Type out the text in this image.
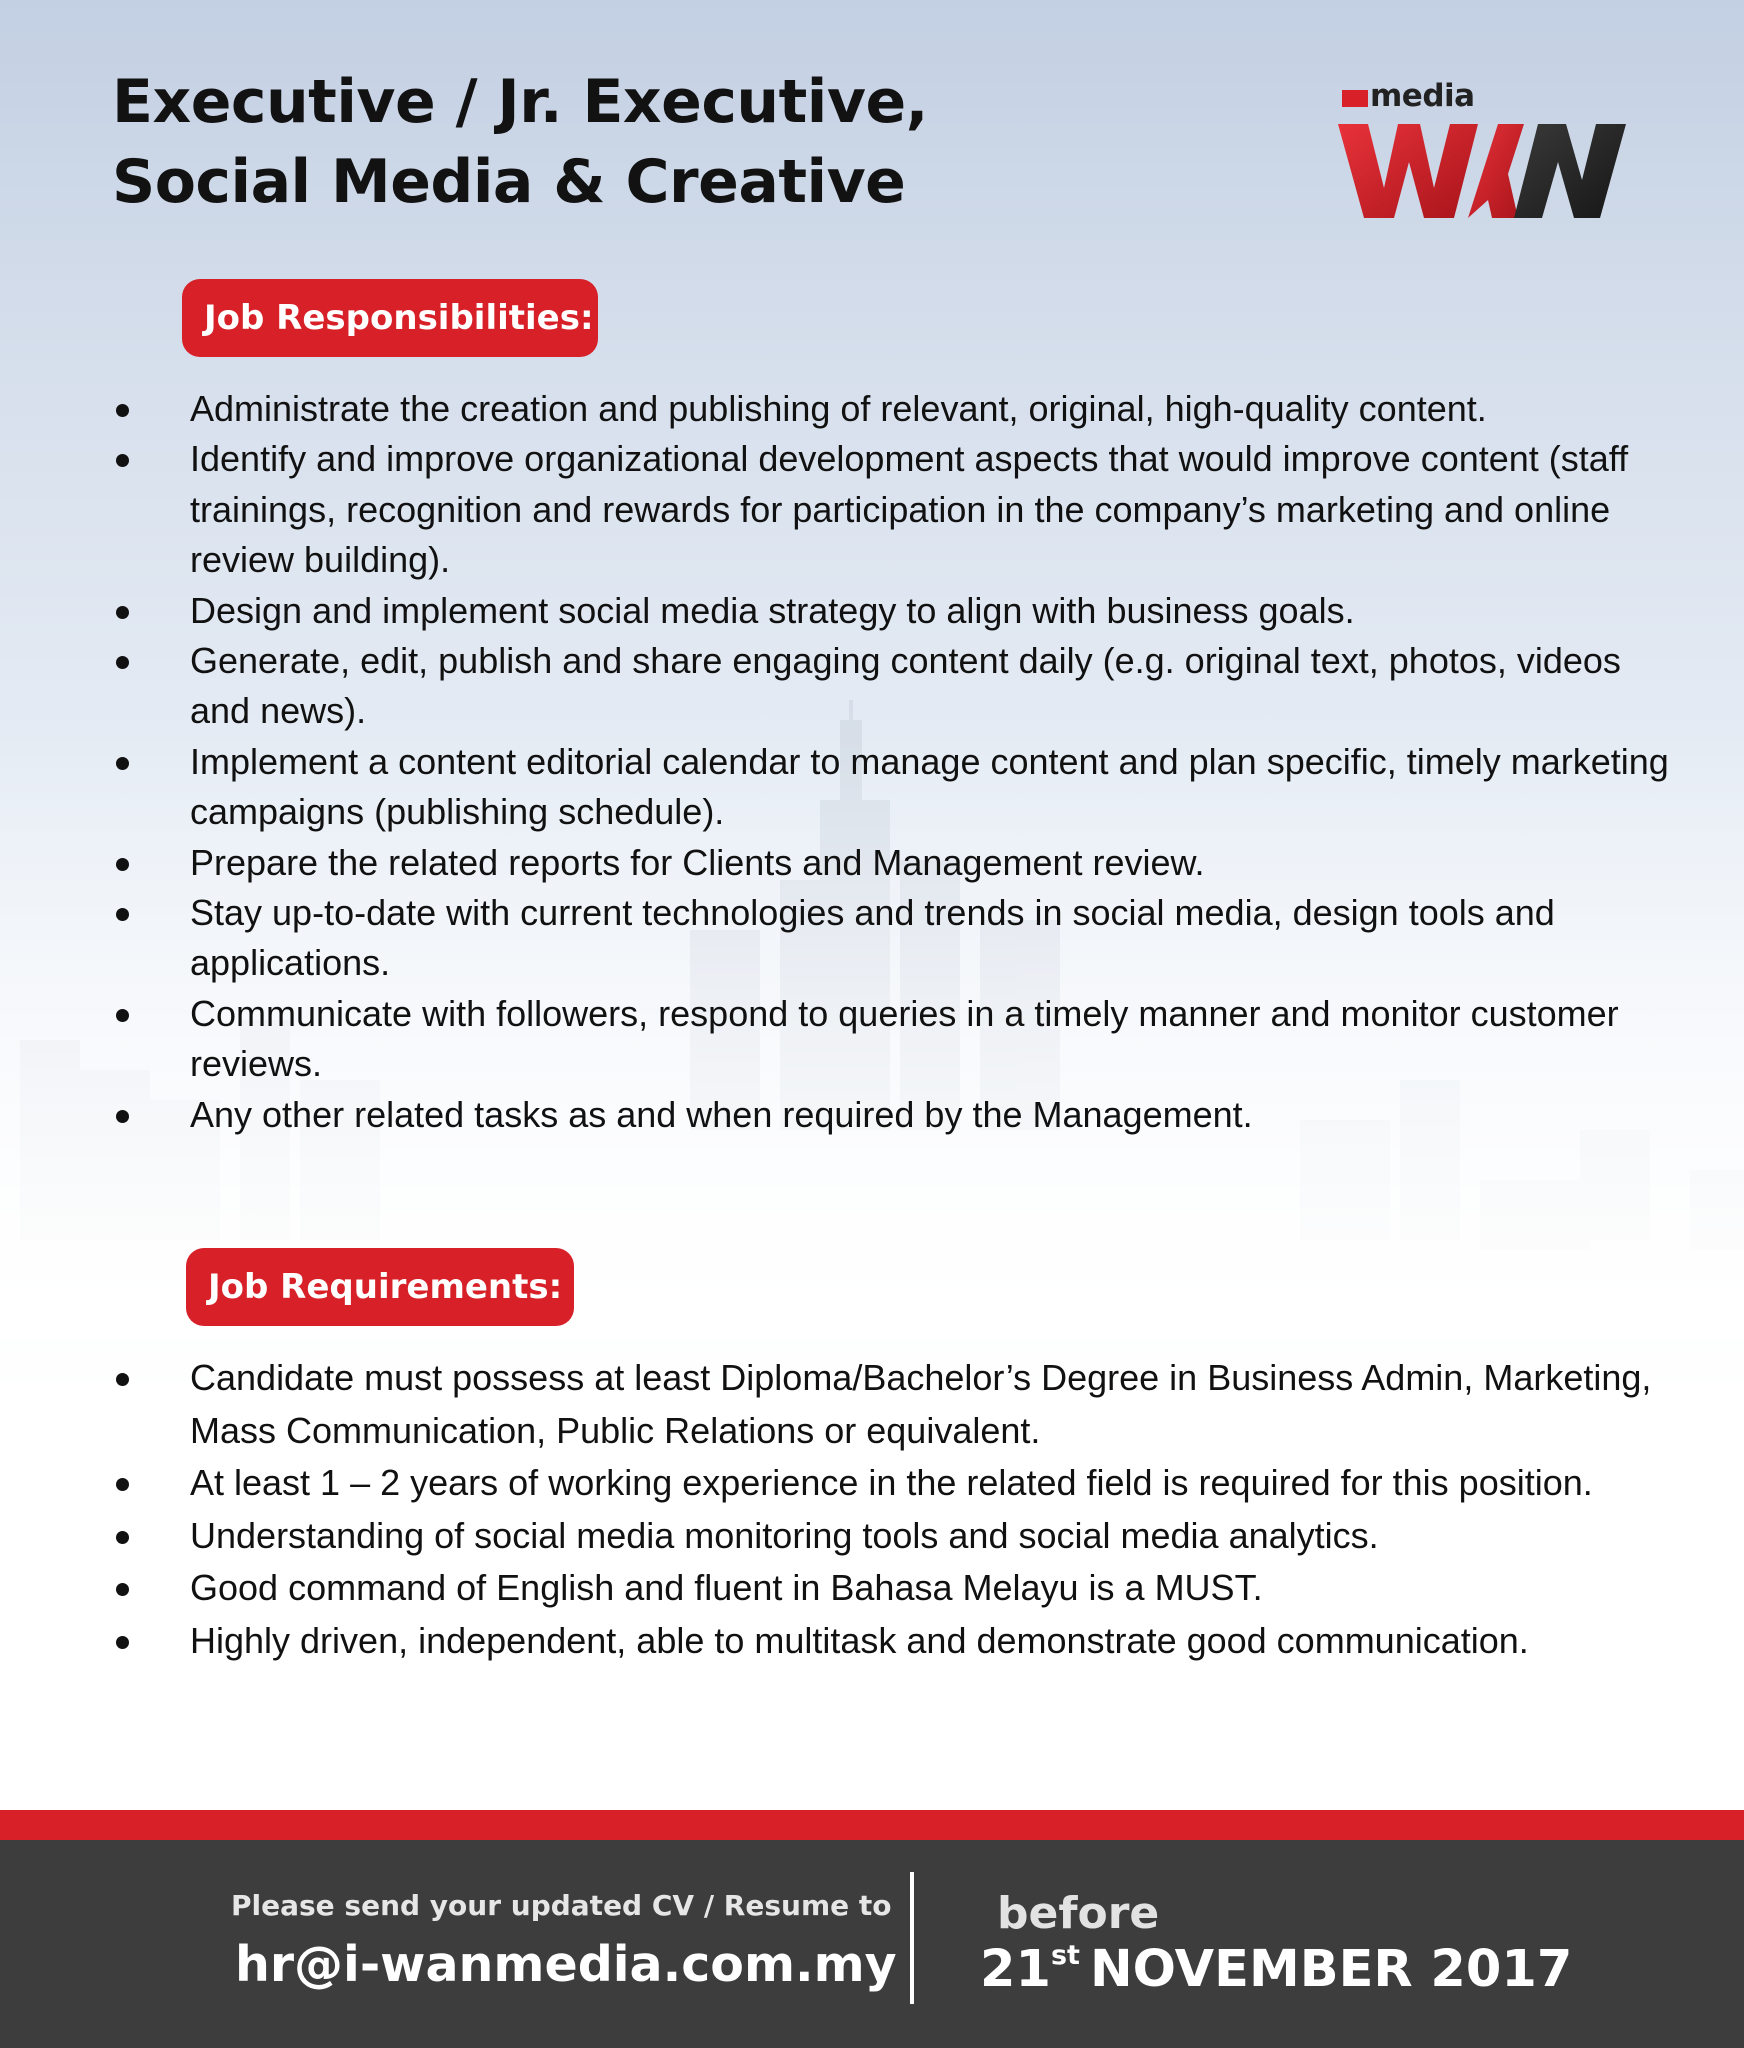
Executive / Jr. Executive,
Social Media & Creative
media
Job Responsibilities:
Administrate the creation and publishing of relevant, original, high-quality content.
Identify and improve organizational development aspects that would improve content (staff trainings, recognition and rewards for participation in the company’s marketing and online review building).
Design and implement social media strategy to align with business goals.
Generate, edit, publish and share engaging content daily (e.g. original text, photos, videos and news).
Implement a content editorial calendar to manage content and plan specific, timely marketing campaigns (publishing schedule).
Prepare the related reports for Clients and Management review.
Stay up-to-date with current technologies and trends in social media, design tools and applications.
Communicate with followers, respond to queries in a timely manner and monitor customer reviews.
Any other related tasks as and when required by the Management.
Job Requirements:
Candidate must possess at least Diploma/Bachelor’s Degree in Business Admin, Marketing, Mass Communication, Public Relations or equivalent.
At least 1 – 2 years of working experience in the related field is required for this position.
Understanding of social media monitoring tools and social media analytics.
Good command of English and fluent in Bahasa Melayu is a MUST.
Highly driven, independent, able to multitask and demonstrate good communication.
Please send your updated CV / Resume to
hr@i-wanmedia.com.my
before
21st NOVEMBER 2017
